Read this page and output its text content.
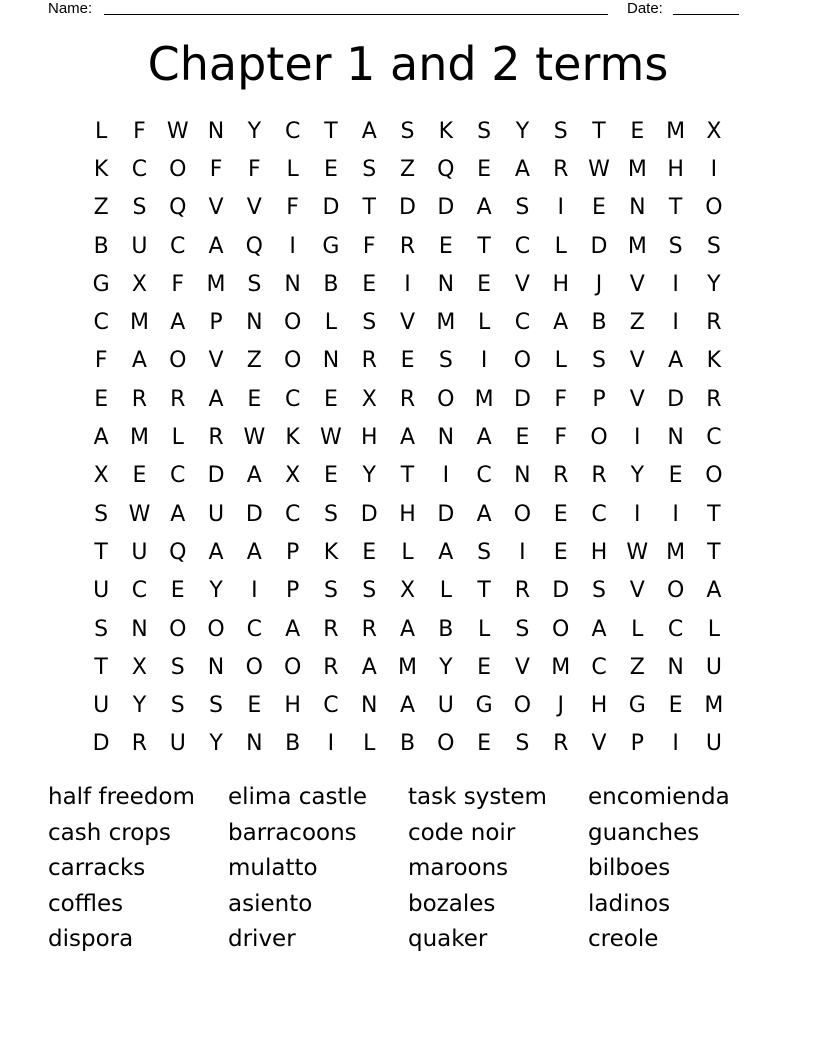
Name:	Date:
Chapter 1 and 2 terms
L	F W N	Y	C	T	A	S	K	S	Y	S	T	E M X
K	C O	F	F	L	E	S	Z	Q	E	A	R W M H	I
Z	S	Q	V	V	F	D	T	D D	A	S	I	E	N	T	O
B	U	C	A	Q	I	G	F	R	E	T	C	L	D M S	S
G	X	F	M S	N	B	E	I	N	E	V	H	J	V	I	Y
C M A	P	N O	L	S	V M	L	C	A	B	Z	I	R
F	A	O	V	Z	O N	R	E	S	I	O	L	S	V	A	K
E	R	R	A	E	C	E	X	R O M D	F	P	V	D	R
A M	L	R W K W H	A	N	A	E	F	O	I	N	C
X	E	C	D	A	X	E	Y	T	I	C	N	R	R	Y	E	O
S W A	U D	C	S	D H D	A	O	E	C	I	I	T
T	U Q	A	A	P	K	E	L	A	S	I	E	H W M	T
U	C	E	Y	I	P	S	S	X	L	T	R	D	S	V	O	A
S	N O O C	A	R	R	A	B	L	S	O	A	L	C	L
T	X	S	N O O R	A M	Y	E	V M C	Z	N	U
U	Y	S	S	E	H	C	N	A	U G O	J	H G	E M
D	R	U	Y	N	B	I	L	B	O	E	S	R	V	P	I	U
half freedom	elima castle	task system	encomienda
cash crops	barracoons	code noir	guanches
carracks	mulatto	maroons	bilboes
coffles	asiento	bozales	ladinos
dispora	driver	quaker	creole
